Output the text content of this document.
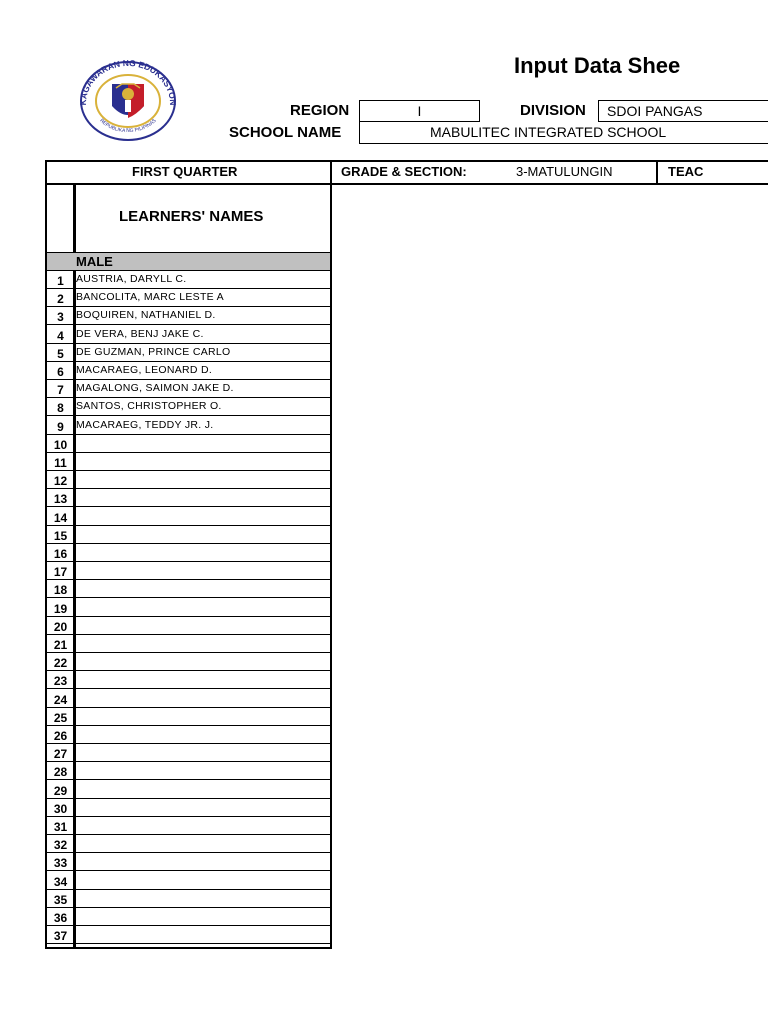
KAGAWARAN NG EDUKASYON
REPUBLIKA NG PILIPINAS
Input Data Shee
REGION	I	DIVISION	SDOI PANGAS
SCHOOL NAME	MABULITEC INTEGRATED SCHOOL
FIRST QUARTER	GRADE & SECTION:	3-MATULUNGIN	TEAC
LEARNERS' NAMES
MALE
1	AUSTRIA, DARYLL C.
2	BANCOLITA, MARC LESTE A
3	BOQUIREN, NATHANIEL D.
4	DE VERA, BENJ JAKE C.
5	DE GUZMAN, PRINCE CARLO
6	MACARAEG, LEONARD D.
7	MAGALONG, SAIMON JAKE D.
8	SANTOS, CHRISTOPHER O.
9	MACARAEG, TEDDY JR. J.
10
11
12
13
14
15
16
17
18
19
20
21
22
23
24
25
26
27
28
29
30
31
32
33
34
35
36
37
